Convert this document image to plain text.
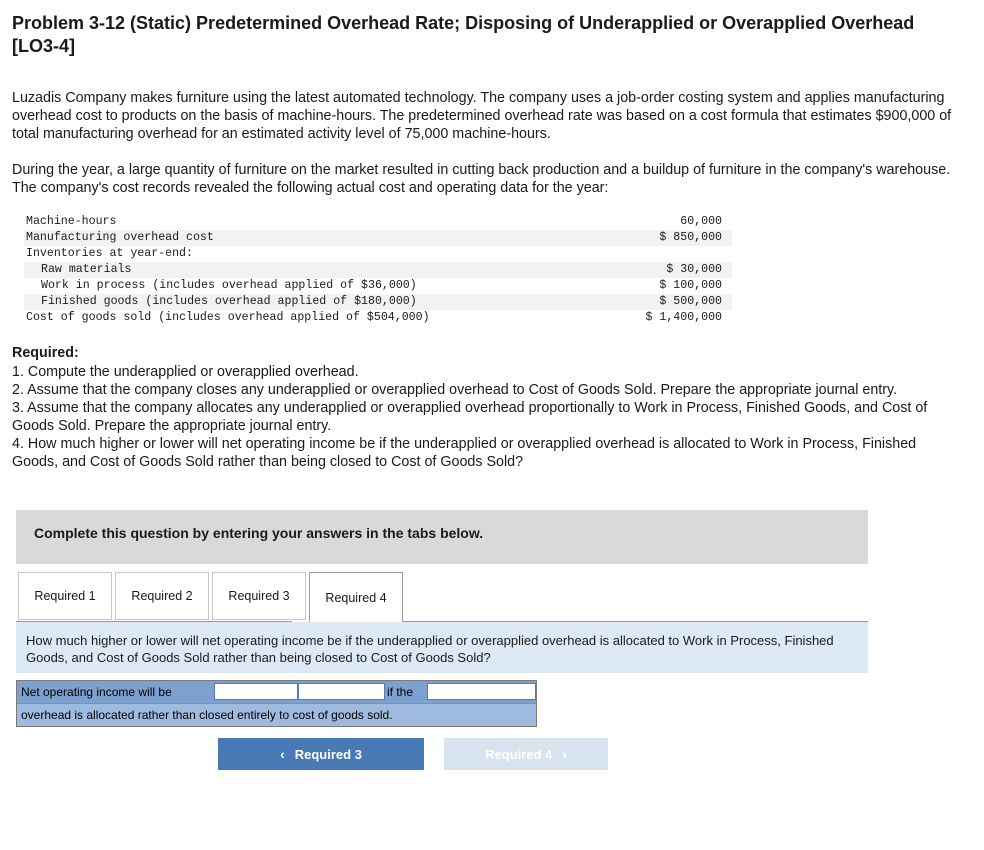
Problem 3-12 (Static) Predetermined Overhead Rate; Disposing of Underapplied or Overapplied Overhead [LO3-4]
Luzadis Company makes furniture using the latest automated technology. The company uses a job-order costing system and applies manufacturing overhead cost to products on the basis of machine-hours. The predetermined overhead rate was based on a cost formula that estimates $900,000 of total manufacturing overhead for an estimated activity level of 75,000 machine-hours.
During the year, a large quantity of furniture on the market resulted in cutting back production and a buildup of furniture in the company's warehouse. The company's cost records revealed the following actual cost and operating data for the year:
Machine-hours	60,000
Manufacturing overhead cost	$ 850,000
Inventories at year-end:	
Raw materials	$ 30,000
Work in process (includes overhead applied of $36,000)	$ 100,000
Finished goods (includes overhead applied of $180,000)	$ 500,000
Cost of goods sold (includes overhead applied of $504,000)	$ 1,400,000
Required:
1. Compute the underapplied or overapplied overhead.
2. Assume that the company closes any underapplied or overapplied overhead to Cost of Goods Sold. Prepare the appropriate journal entry.
3. Assume that the company allocates any underapplied or overapplied overhead proportionally to Work in Process, Finished Goods, and Cost of Goods Sold. Prepare the appropriate journal entry.
4. How much higher or lower will net operating income be if the underapplied or overapplied overhead is allocated to Work in Process, Finished Goods, and Cost of Goods Sold rather than being closed to Cost of Goods Sold?
Complete this question by entering your answers in the tabs below.
Required 1	Required 2	Required 3	Required 4
How much higher or lower will net operating income be if the underapplied or overapplied overhead is allocated to Work in Process, Finished Goods, and Cost of Goods Sold rather than being closed to Cost of Goods Sold?
Net operating income will be	if the
overhead is allocated rather than closed entirely to cost of goods sold.
‹ Required 3	Required 4 ›
